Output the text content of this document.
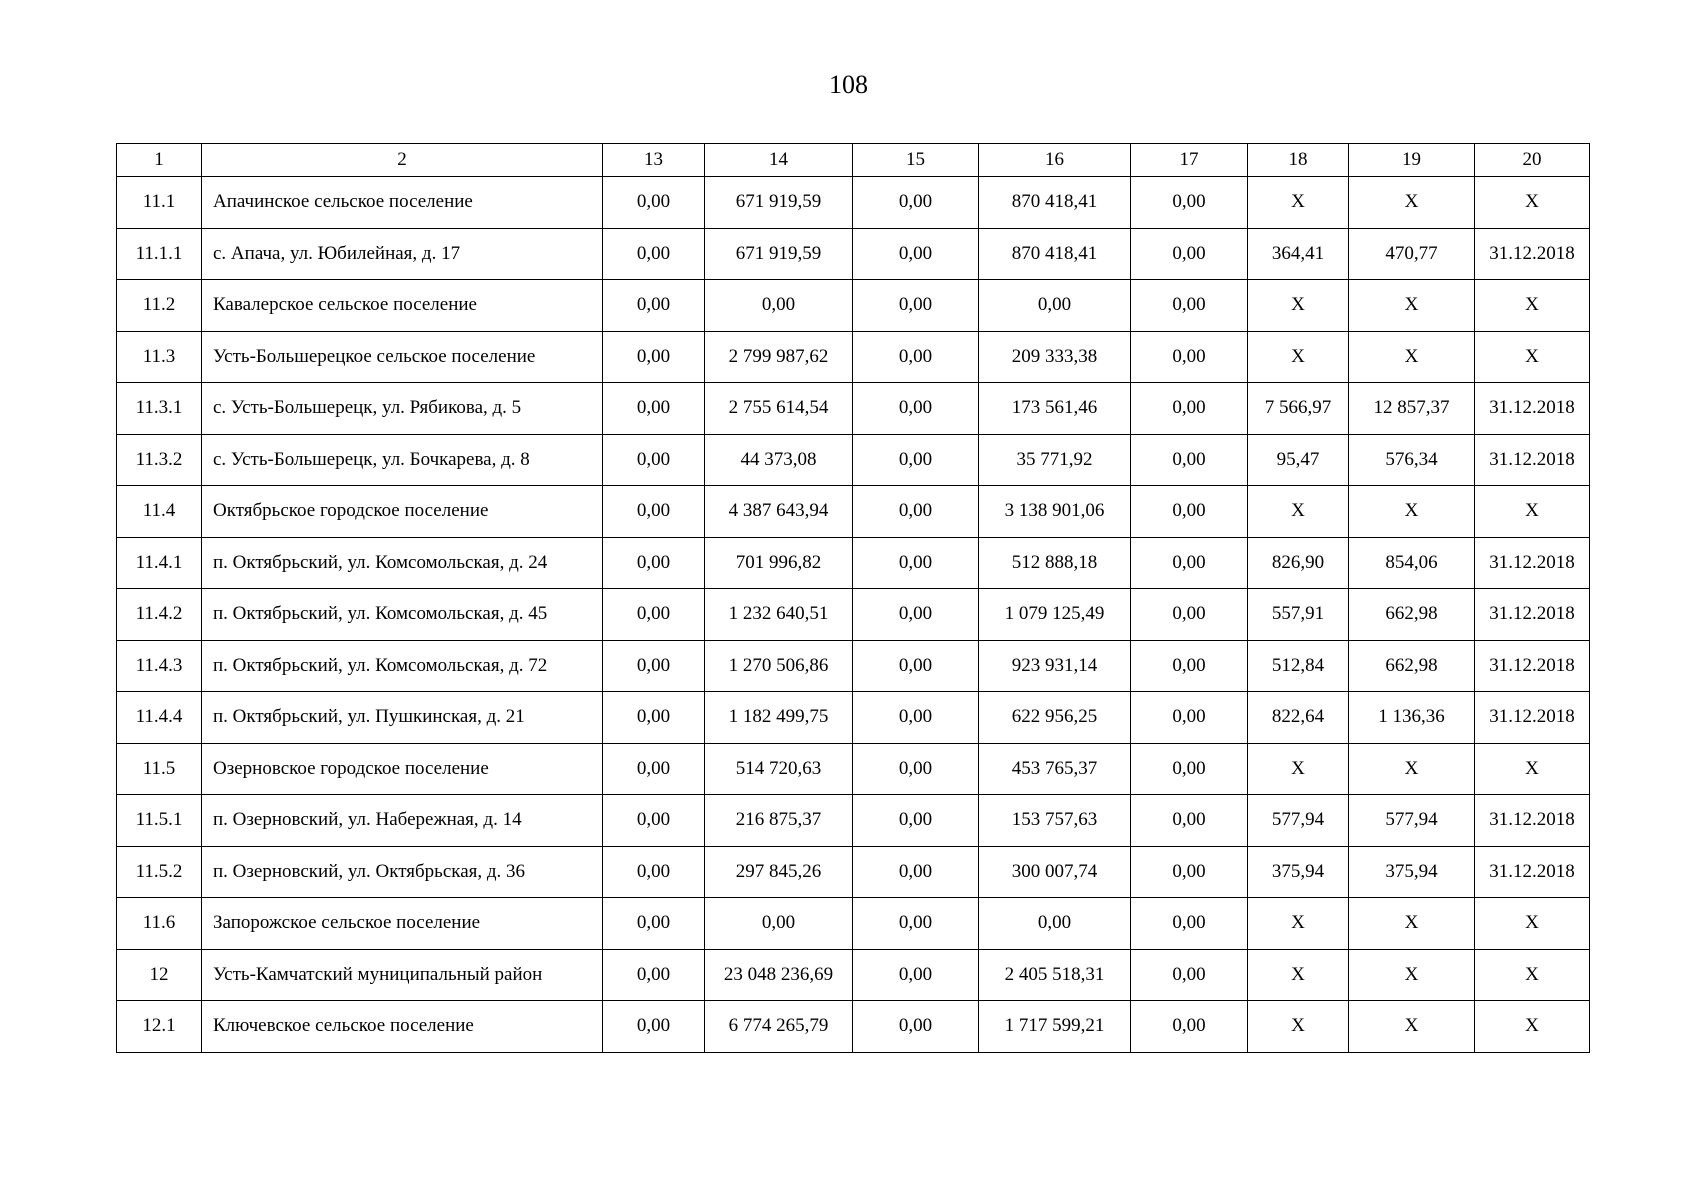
108
1	2	13	14	15	16	17	18	19	20
11.1	Апачинское сельское поселение	0,00	671 919,59	0,00	870 418,41	0,00	X	X	X
11.1.1	с. Апача, ул. Юбилейная, д. 17	0,00	671 919,59	0,00	870 418,41	0,00	364,41	470,77	31.12.2018
11.2	Кавалерское сельское поселение	0,00	0,00	0,00	0,00	0,00	X	X	X
11.3	Усть-Большерецкое сельское поселение	0,00	2 799 987,62	0,00	209 333,38	0,00	X	X	X
11.3.1	с. Усть-Большерецк, ул. Рябикова, д. 5	0,00	2 755 614,54	0,00	173 561,46	0,00	7 566,97	12 857,37	31.12.2018
11.3.2	с. Усть-Большерецк, ул. Бочкарева, д. 8	0,00	44 373,08	0,00	35 771,92	0,00	95,47	576,34	31.12.2018
11.4	Октябрьское городское поселение	0,00	4 387 643,94	0,00	3 138 901,06	0,00	X	X	X
11.4.1	п. Октябрьский, ул. Комсомольская, д. 24	0,00	701 996,82	0,00	512 888,18	0,00	826,90	854,06	31.12.2018
11.4.2	п. Октябрьский, ул. Комсомольская, д. 45	0,00	1 232 640,51	0,00	1 079 125,49	0,00	557,91	662,98	31.12.2018
11.4.3	п. Октябрьский, ул. Комсомольская, д. 72	0,00	1 270 506,86	0,00	923 931,14	0,00	512,84	662,98	31.12.2018
11.4.4	п. Октябрьский, ул. Пушкинская, д. 21	0,00	1 182 499,75	0,00	622 956,25	0,00	822,64	1 136,36	31.12.2018
11.5	Озерновское городское поселение	0,00	514 720,63	0,00	453 765,37	0,00	X	X	X
11.5.1	п. Озерновский, ул. Набережная, д. 14	0,00	216 875,37	0,00	153 757,63	0,00	577,94	577,94	31.12.2018
11.5.2	п. Озерновский, ул. Октябрьская, д. 36	0,00	297 845,26	0,00	300 007,74	0,00	375,94	375,94	31.12.2018
11.6	Запорожское сельское поселение	0,00	0,00	0,00	0,00	0,00	X	X	X
12	Усть-Камчатский муниципальный район	0,00	23 048 236,69	0,00	2 405 518,31	0,00	X	X	X
12.1	Ключевское сельское поселение	0,00	6 774 265,79	0,00	1 717 599,21	0,00	X	X	X
